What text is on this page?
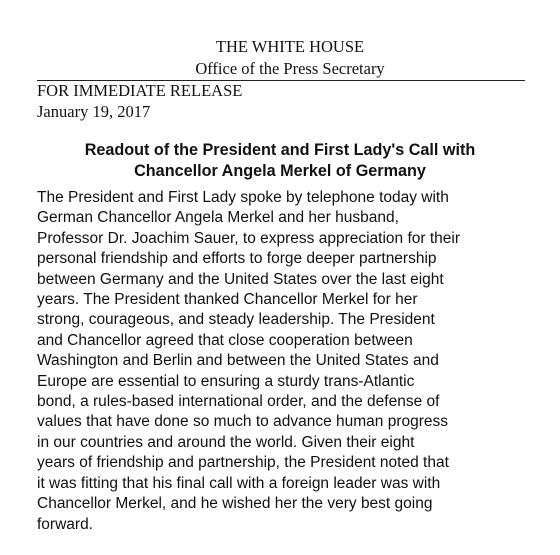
THE WHITE HOUSE
Office of the Press Secretary
FOR IMMEDIATE RELEASE
January 19, 2017
Readout of the President and First Lady's Call with
Chancellor Angela Merkel of Germany
The President and First Lady spoke by telephone today with
German Chancellor Angela Merkel and her husband,
Professor Dr. Joachim Sauer, to express appreciation for their
personal friendship and efforts to forge deeper partnership
between Germany and the United States over the last eight
years. The President thanked Chancellor Merkel for her
strong, courageous, and steady leadership. The President
and Chancellor agreed that close cooperation between
Washington and Berlin and between the United States and
Europe are essential to ensuring a sturdy trans-Atlantic
bond, a rules-based international order, and the defense of
values that have done so much to advance human progress
in our countries and around the world. Given their eight
years of friendship and partnership, the President noted that
it was fitting that his final call with a foreign leader was with
Chancellor Merkel, and he wished her the very best going
forward.
